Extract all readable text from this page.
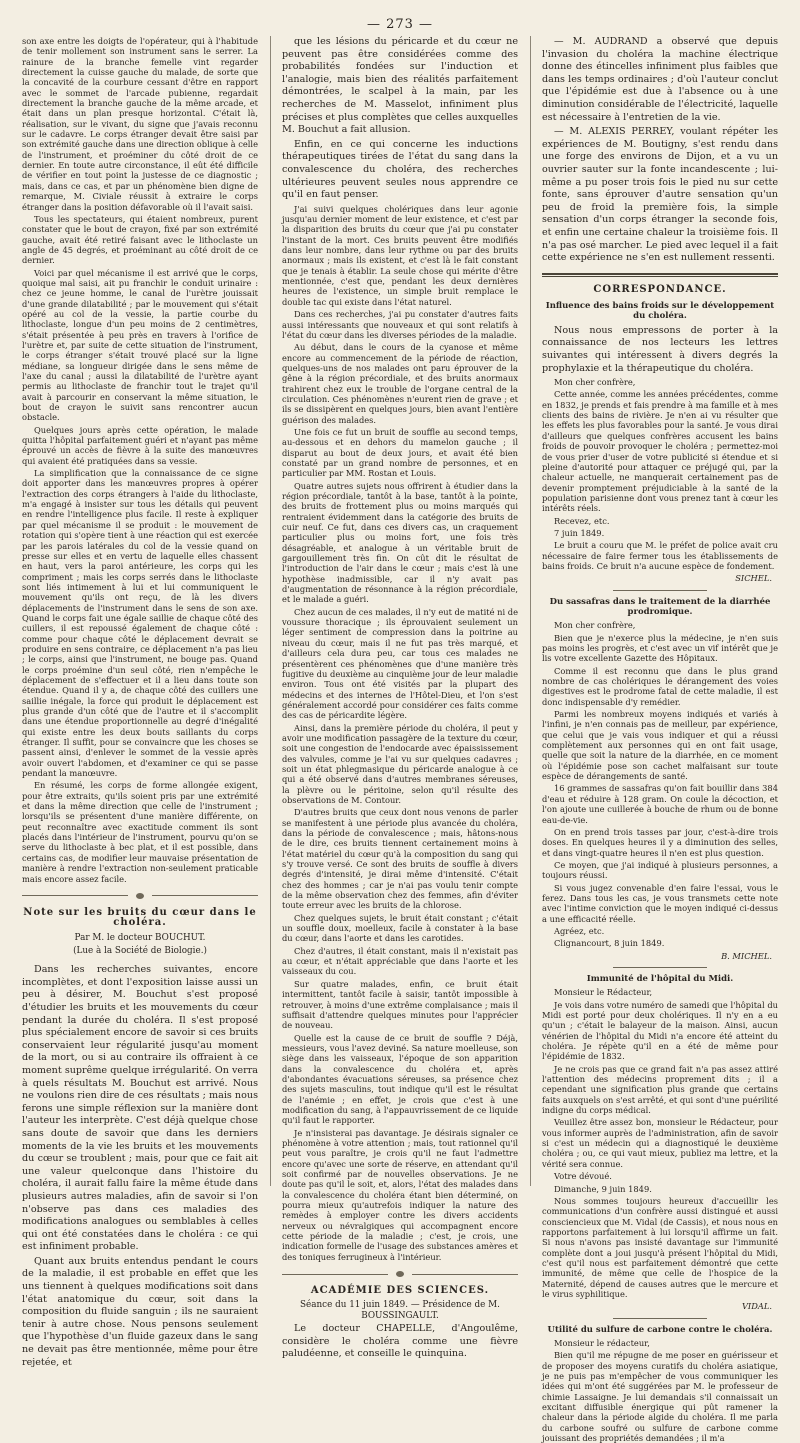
— 273 —

son axe entre les doigts de l'opérateur, qui à l'habitude de tenir mollement son instrument sans le serrer. La rainure de la branche femelle vint regarder directement la cuisse gauche du malade, de sorte que la concavité de la courbure cessant d'être en rapport avec le sommet de l'arcade pubienne, regardait directement la branche gauche de la même arcade, et était dans un plan presque horizontal. C'était là, réalisation, sur le vivant, du signe que j'avais reconnu sur le cadavre. Le corps étranger devait être saisi par son extrémité gauche dans une direction oblique à celle de l'instrument, et proéminer du côté droit de ce dernier. En toute autre circonstance, il eût été difficile de vérifier en tout point la justesse de ce diagnostic ; mais, dans ce cas, et par un phénomène bien digne de remarque, M. Civiale réussit à extraire le corps étranger dans la position défavorable où il l'avait saisi.

Tous les spectateurs, qui étaient nombreux, purent constater que le bout de crayon, fixé par son extrémité gauche, avait été retiré faisant avec le lithoclaste un angle de 45 degrés, et proéminant au côté droit de ce dernier.

Voici par quel mécanisme il est arrivé que le corps, quoique mal saisi, ait pu franchir le conduit urinaire : chez ce jeune homme, le canal de l'urètre jouissait d'une grande dilatabilité ; par le mouvement qui s'était opéré au col de la vessie, la partie courbe du lithoclaste, longue d'un peu moins de 2 centimètres, s'était présentée à peu près en travers à l'orifice de l'urètre et, par suite de cette situation de l'instrument, le corps étranger s'était trouvé placé sur la ligne médiane, sa longueur dirigée dans le sens même de l'axe du canal ; aussi la dilatabilité de l'urètre ayant permis au lithoclaste de franchir tout le trajet qu'il avait à parcourir en conservant la même situation, le bout de crayon le suivit sans rencontrer aucun obstacle.

Quelques jours après cette opération, le malade quitta l'hôpital parfaitement guéri et n'ayant pas même éprouvé un accès de fièvre à la suite des manœuvres qui avaient été pratiquées dans sa vessie.

La simplification que la connaissance de ce signe doit apporter dans les manœuvres propres à opérer l'extraction des corps étrangers à l'aide du lithoclaste, m'a engagé à insister sur tous les détails qui peuvent en rendre l'intelligence plus facile. Il reste à expliquer par quel mécanisme il se produit : le mouvement de rotation qui s'opère tient à une réaction qui est exercée par les parois latérales du col de la vessie quand on presse sur elles et en vertu de laquelle elles chassent en haut, vers la paroi antérieure, les corps qui les compriment ; mais les corps serrés dans le lithoclaste sont liés intimement à lui et lui communiquent le mouvement qu'ils ont reçu, de là les divers déplacements de l'instrument dans le sens de son axe. Quand le corps fait une égale saillie de chaque côté des cuillers, il est repoussé également de chaque côté : comme pour chaque côté le déplacement devrait se produire en sens contraire, ce déplacement n'a pas lieu ; le corps, ainsi que l'instrument, ne bouge pas. Quand le corps proémine d'un seul côté, rien n'empêche le déplacement de s'effectuer et il a lieu dans toute son étendue. Quand il y a, de chaque côté des cuillers une saillie inégale, la force qui produit le déplacement est plus grande d'un côté que de l'autre et il s'accomplit dans une étendue proportionnelle au degré d'inégalité qui existe entre les deux bouts saillants du corps étranger. Il suffit, pour se convaincre que les choses se passent ainsi, d'enlever le sommet de la vessie après avoir ouvert l'abdomen, et d'examiner ce qui se passe pendant la manœuvre.

En résumé, les corps de forme allongée exigent, pour être extraits, qu'ils soient pris par une extrémité et dans la même direction que celle de l'instrument ; lorsqu'ils se présentent d'une manière différente, on peut reconnaître avec exactitude comment ils sont placés dans l'intérieur de l'instrument, pourvu qu'on se serve du lithoclaste à bec plat, et il est possible, dans certains cas, de modifier leur mauvaise présentation de manière à rendre l'extraction non-seulement praticable mais encore assez facile.

Note sur les bruits du cœur dans le choléra.
Par M. le docteur BOUCHUT.
(Lue à la Société de Biologie.)

Dans les recherches suivantes, encore incomplètes, et dont l'exposition laisse aussi un peu à désirer, M. Bouchut s'est proposé d'étudier les bruits et les mouvements du cœur pendant la durée du choléra. Il s'est proposé plus spécialement encore de savoir si ces bruits conservaient leur régularité jusqu'au moment de la mort, ou si au contraire ils offraient à ce moment suprême quelque irrégularité. On verra à quels résultats M. Bouchut est arrivé. Nous ne voulons rien dire de ces résultats ; mais nous ferons une simple réflexion sur la manière dont l'auteur les interprète. C'est déjà quelque chose sans doute de savoir que dans les derniers moments de la vie les bruits et les mouvements du cœur se troublent ; mais, pour que ce fait ait une valeur quelconque dans l'histoire du choléra, il aurait fallu faire la même étude dans plusieurs autres maladies, afin de savoir si l'on n'observe pas dans ces maladies des modifications analogues ou semblables à celles qui ont été constatées dans le choléra : ce qui est infiniment probable.

Quant aux bruits entendus pendant le cours de la maladie, il est probable en effet que les uns tiennent à quelques modifications soit dans l'état anatomique du cœur, soit dans la composition du fluide sanguin ; ils ne sauraient tenir à autre chose. Nous pensons seulement que l'hypothèse d'un fluide gazeux dans le sang ne devait pas être mentionnée, même pour être rejetée, et

que les lésions du péricarde et du cœur ne peuvent pas être considérées comme des probabilités fondées sur l'induction et l'analogie, mais bien des réalités parfaitement démontrées, le scalpel à la main, par les recherches de M. Masselot, infiniment plus précises et plus complètes que celles auxquelles M. Bouchut a fait allusion.

Enfin, en ce qui concerne les inductions thérapeutiques tirées de l'état du sang dans la convalescence du choléra, des recherches ultérieures peuvent seules nous apprendre ce qu'il en faut penser.

J'ai suivi quelques cholériques dans leur agonie jusqu'au dernier moment de leur existence, et c'est par la disparition des bruits du cœur que j'ai pu constater l'instant de la mort. Ces bruits peuvent être modifiés dans leur nombre, dans leur rythme ou par des bruits anormaux ; mais ils existent, et c'est là le fait constant que je tenais à établir. La seule chose qui mérite d'être mentionnée, c'est que, pendant les deux dernières heures de l'existence, un simple bruit remplace le double tac qui existe dans l'état naturel.

Dans ces recherches, j'ai pu constater d'autres faits aussi intéressants que nouveaux et qui sont relatifs à l'état du cœur dans les diverses périodes de la maladie.

Au début, dans le cours de la cyanose et même encore au commencement de la période de réaction, quelques-uns de nos malades ont paru éprouver de la gêne à la région précordiale, et des bruits anormaux trahirent chez eux le trouble de l'organe central de la circulation. Ces phénomènes n'eurent rien de grave ; et ils se dissipèrent en quelques jours, bien avant l'entière guérison des malades.

Une fois ce fut un bruit de souffle au second temps, au-dessous et en dehors du mamelon gauche ; il disparut au bout de deux jours, et avait été bien constaté par un grand nombre de personnes, et en particulier par MM. Rostan et Louis.

Quatre autres sujets nous offrirent à étudier dans la région précordiale, tantôt à la base, tantôt à la pointe, des bruits de frottement plus ou moins marqués qui rentraient évidemment dans la catégorie des bruits de cuir neuf. Ce fut, dans ces divers cas, un craquement particulier plus ou moins fort, une fois très désagréable, et analogue à un véritable bruit de gargouillement très fin. On cût dit le résultat de l'introduction de l'air dans le cœur ; mais c'est là une hypothèse inadmissible, car il n'y avait pas d'augmentation de résonnance à la région précordiale, et le malade a guéri.

Chez aucun de ces malades, il n'y eut de matité ni de voussure thoracique ; ils éprouvaient seulement un léger sentiment de compression dans la poitrine au niveau du cœur, mais il ne fut pas très marqué, et d'ailleurs cela dura peu, car tous ces malades ne présentèrent ces phénomènes que d'une manière très fugitive du deuxième au cinquième jour de leur maladie environ. Tous ont été visités par la plupart des médecins et des internes de l'Hôtel-Dieu, et l'on s'est généralement accordé pour considérer ces faits comme des cas de péricardite légère.

Ainsi, dans la première période du choléra, il peut y avoir une modification passagère de la texture du cœur, soit une congestion de l'endocarde avec épaississement des valvules, comme je l'ai vu sur quelques cadavres ; soit un état phlegmasique du péricarde analogue à ce qui a été observé dans d'autres membranes séreuses, la plèvre ou le péritoine, selon qu'il résulte des observations de M. Contour.

D'autres bruits que ceux dont nous venons de parler se manifestent à une période plus avancée du choléra, dans la période de convalescence ; mais, hâtons-nous de le dire, ces bruits tiennent certainement moins à l'état matériel du cœur qu'à la composition du sang qui s'y trouve versé. Ce sont des bruits de souffle à divers degrés d'intensité, je dirai même d'intensité. C'était chez des hommes ; car je n'ai pas voulu tenir compte de la même observation chez des femmes, afin d'éviter toute erreur avec les bruits de la chlorose.

Chez quelques sujets, le bruit était constant ; c'était un souffle doux, moelleux, facile à constater à la base du cœur, dans l'aorte et dans les carotides.

Chez d'autres, il était constant, mais il n'existait pas au cœur, et n'était appréciable que dans l'aorte et les vaisseaux du cou.

Sur quatre malades, enfin, ce bruit était intermittent, tantôt facile à saisir, tantôt impossible à retrouver, à moins d'une extrême complaisance ; mais il suffisait d'attendre quelques minutes pour l'apprécier de nouveau.

Quelle est la cause de ce bruit de souffle ? Déjà, messieurs, vous l'avez deviné. Sa nature moelleuse, son siège dans les vaisseaux, l'époque de son apparition dans la convalescence du choléra et, après d'abondantes évacuations séreuses, sa présence chez des sujets masculins, tout indique qu'il est le résultat de l'anémie ; en effet, je crois que c'est à une modification du sang, à l'appauvrissement de ce liquide qu'il faut le rapporter.

Je n'insisterai pas davantage. Je désirais signaler ce phénomène à votre attention ; mais, tout rationnel qu'il peut vous paraître, je crois qu'il ne faut l'admettre encore qu'avec une sorte de réserve, en attendant qu'il soit confirmé par de nouvelles observations. Je ne doute pas qu'il le soit, et, alors, l'état des malades dans la convalescence du choléra étant bien déterminé, on pourra mieux qu'autrefois indiquer la nature des remèdes à employer contre les divers accidents nerveux ou névralgiques qui accompagnent encore cette période de la maladie ; c'est, je crois, une indication formelle de l'usage des substances amères et des toniques ferrugineux à l'intérieur.

ACADÉMIE DES SCIENCES.
Séance du 11 juin 1849. — Présidence de M. BOUSSINGAULT.

Le docteur CHAPELLE, d'Angoulême, considère le choléra comme une fièvre paludéenne, et conseille le quinquina.

— M. AUDRAND a observé que depuis l'invasion du choléra la machine électrique donne des étincelles infiniment plus faibles que dans les temps ordinaires ; d'où l'auteur conclut que l'épidémie est due à l'absence ou à une diminution considérable de l'électricité, laquelle est nécessaire à l'entretien de la vie.

— M. ALEXIS PERREY, voulant répéter les expériences de M. Boutigny, s'est rendu dans une forge des environs de Dijon, et a vu un ouvrier sauter sur la fonte incandescente ; lui-même a pu poser trois fois le pied nu sur cette fonte, sans éprouver d'autre sensation qu'un peu de froid la première fois, la simple sensation d'un corps étranger la seconde fois, et enfin une certaine chaleur la troisième fois. Il n'a pas osé marcher. Le pied avec lequel il a fait cette expérience ne s'en est nullement ressenti.

CORRESPONDANCE.
Influence des bains froids sur le développement du choléra.

Nous nous empressons de porter à la connaissance de nos lecteurs les lettres suivantes qui intéressent à divers degrés la prophylaxie et la thérapeutique du choléra.

Mon cher confrère,

Cette année, comme les années précédentes, comme en 1832, je prends et fais prendre à ma famille et à mes clients des bains de rivière. Je n'en ai vu résulter que les effets les plus favorables pour la santé. Je vous dirai d'ailleurs que quelques confrères accusent les bains froids de pouvoir provoquer le choléra ; permettez-moi de vous prier d'user de votre publicité si étendue et si pleine d'autorité pour attaquer ce préjugé qui, par la chaleur actuelle, ne manquerait certainement pas de devenir promptement préjudiciable à la santé de la population parisienne dont vous prenez tant à cœur les intérêts réels.

Recevez, etc.

7 juin 1849.

Le bruit a couru que M. le préfet de police avait cru nécessaire de faire fermer tous les établissements de bains froids. Ce bruit n'a aucune espèce de fondement.

SICHEL.
Du sassafras dans le traitement de la diarrhée prodromique.

Mon cher confrère,

Bien que je n'exerce plus la médecine, je n'en suis pas moins les progrès, et c'est avec un vif intérêt que je lis votre excellente Gazette des Hôpitaux.

Comme il est reconnu que dans le plus grand nombre de cas cholériques le dérangement des voies digestives est le prodrome fatal de cette maladie, il est donc indispensable d'y remédier.

Parmi les nombreux moyens indiqués et variés à l'infini, je n'en connais pas de meilleur, par expérience, que celui que je vais vous indiquer et qui a réussi complètement aux personnes qui en ont fait usage, quelle que soit la nature de la diarrhée, en ce moment où l'épidémie pose son cachet malfaisant sur toute espèce de dérangements de santé.

16 grammes de sassafras qu'on fait bouillir dans 384 d'eau et réduire à 128 gram. On coule la décoction, et l'on ajoute une cuillerée à bouche de rhum ou de bonne eau-de-vie.

On en prend trois tasses par jour, c'est-à-dire trois doses. En quelques heures il y a diminution des selles, et dans vingt-quatre heures il n'en est plus question.

Ce moyen, que j'ai indiqué à plusieurs personnes, a toujours réussi.

Si vous jugez convenable d'en faire l'essai, vous le ferez. Dans tous les cas, je vous transmets cette note avec l'intime conviction que le moyen indiqué ci-dessus a une efficacité réelle.

Agréez, etc.

Clignancourt, 8 juin 1849.

B. MICHEL.
Immunité de l'hôpital du Midi.

Monsieur le Rédacteur,

Je vois dans votre numéro de samedi que l'hôpital du Midi est porté pour deux cholériques. Il n'y en a eu qu'un ; c'était le balayeur de la maison. Ainsi, aucun vénérien de l'hôpital du Midi n'a encore été atteint du choléra. Je répète qu'il en a été de même pour l'épidémie de 1832.

Je ne crois pas que ce grand fait n'a pas assez attiré l'attention des médecins proprement dits ; il a cependant une signification plus grande que certains faits auxquels on s'est arrêté, et qui sont d'une puérilité indigne du corps médical.

Veuillez être assez bon, monsieur le Rédacteur, pour vous informer auprès de l'administration, afin de savoir si c'est un médecin qui a diagnostiqué le deuxième choléra ; ou, ce qui vaut mieux, publiez ma lettre, et la vérité sera connue.

Votre dévoué.

Dimanche, 9 juin 1849.

Nous sommes toujours heureux d'accueillir les communications d'un confrère aussi distingué et aussi consciencieux que M. Vidal (de Cassis), et nous nous en rapportons parfaitement à lui lorsqu'il affirme un fait. Si nous n'avons pas insisté davantage sur l'immunité complète dont a joui jusqu'à présent l'hôpital du Midi, c'est qu'il nous est parfaitement démontré que cette immunité, de même que celle de l'hospice de la Maternité, dépend de causes autres que le mercure et le virus syphilitique.

VIDAL.
Utilité du sulfure de carbone contre le choléra.

Monsieur le rédacteur,

Bien qu'il me répugne de me poser en guérisseur et de proposer des moyens curatifs du choléra asiatique, je ne puis pas m'empêcher de vous communiquer les idées qui m'ont été suggérées par M. le professeur de chimie Lassaigne. Je lui demandais s'il connaissait un excitant diffusible énergique qui pût ramener la chaleur dans la période algide du choléra. Il me parla du carbone soufré ou sulfure de carbone comme jouissant des propriétés demandées ; il m'a
